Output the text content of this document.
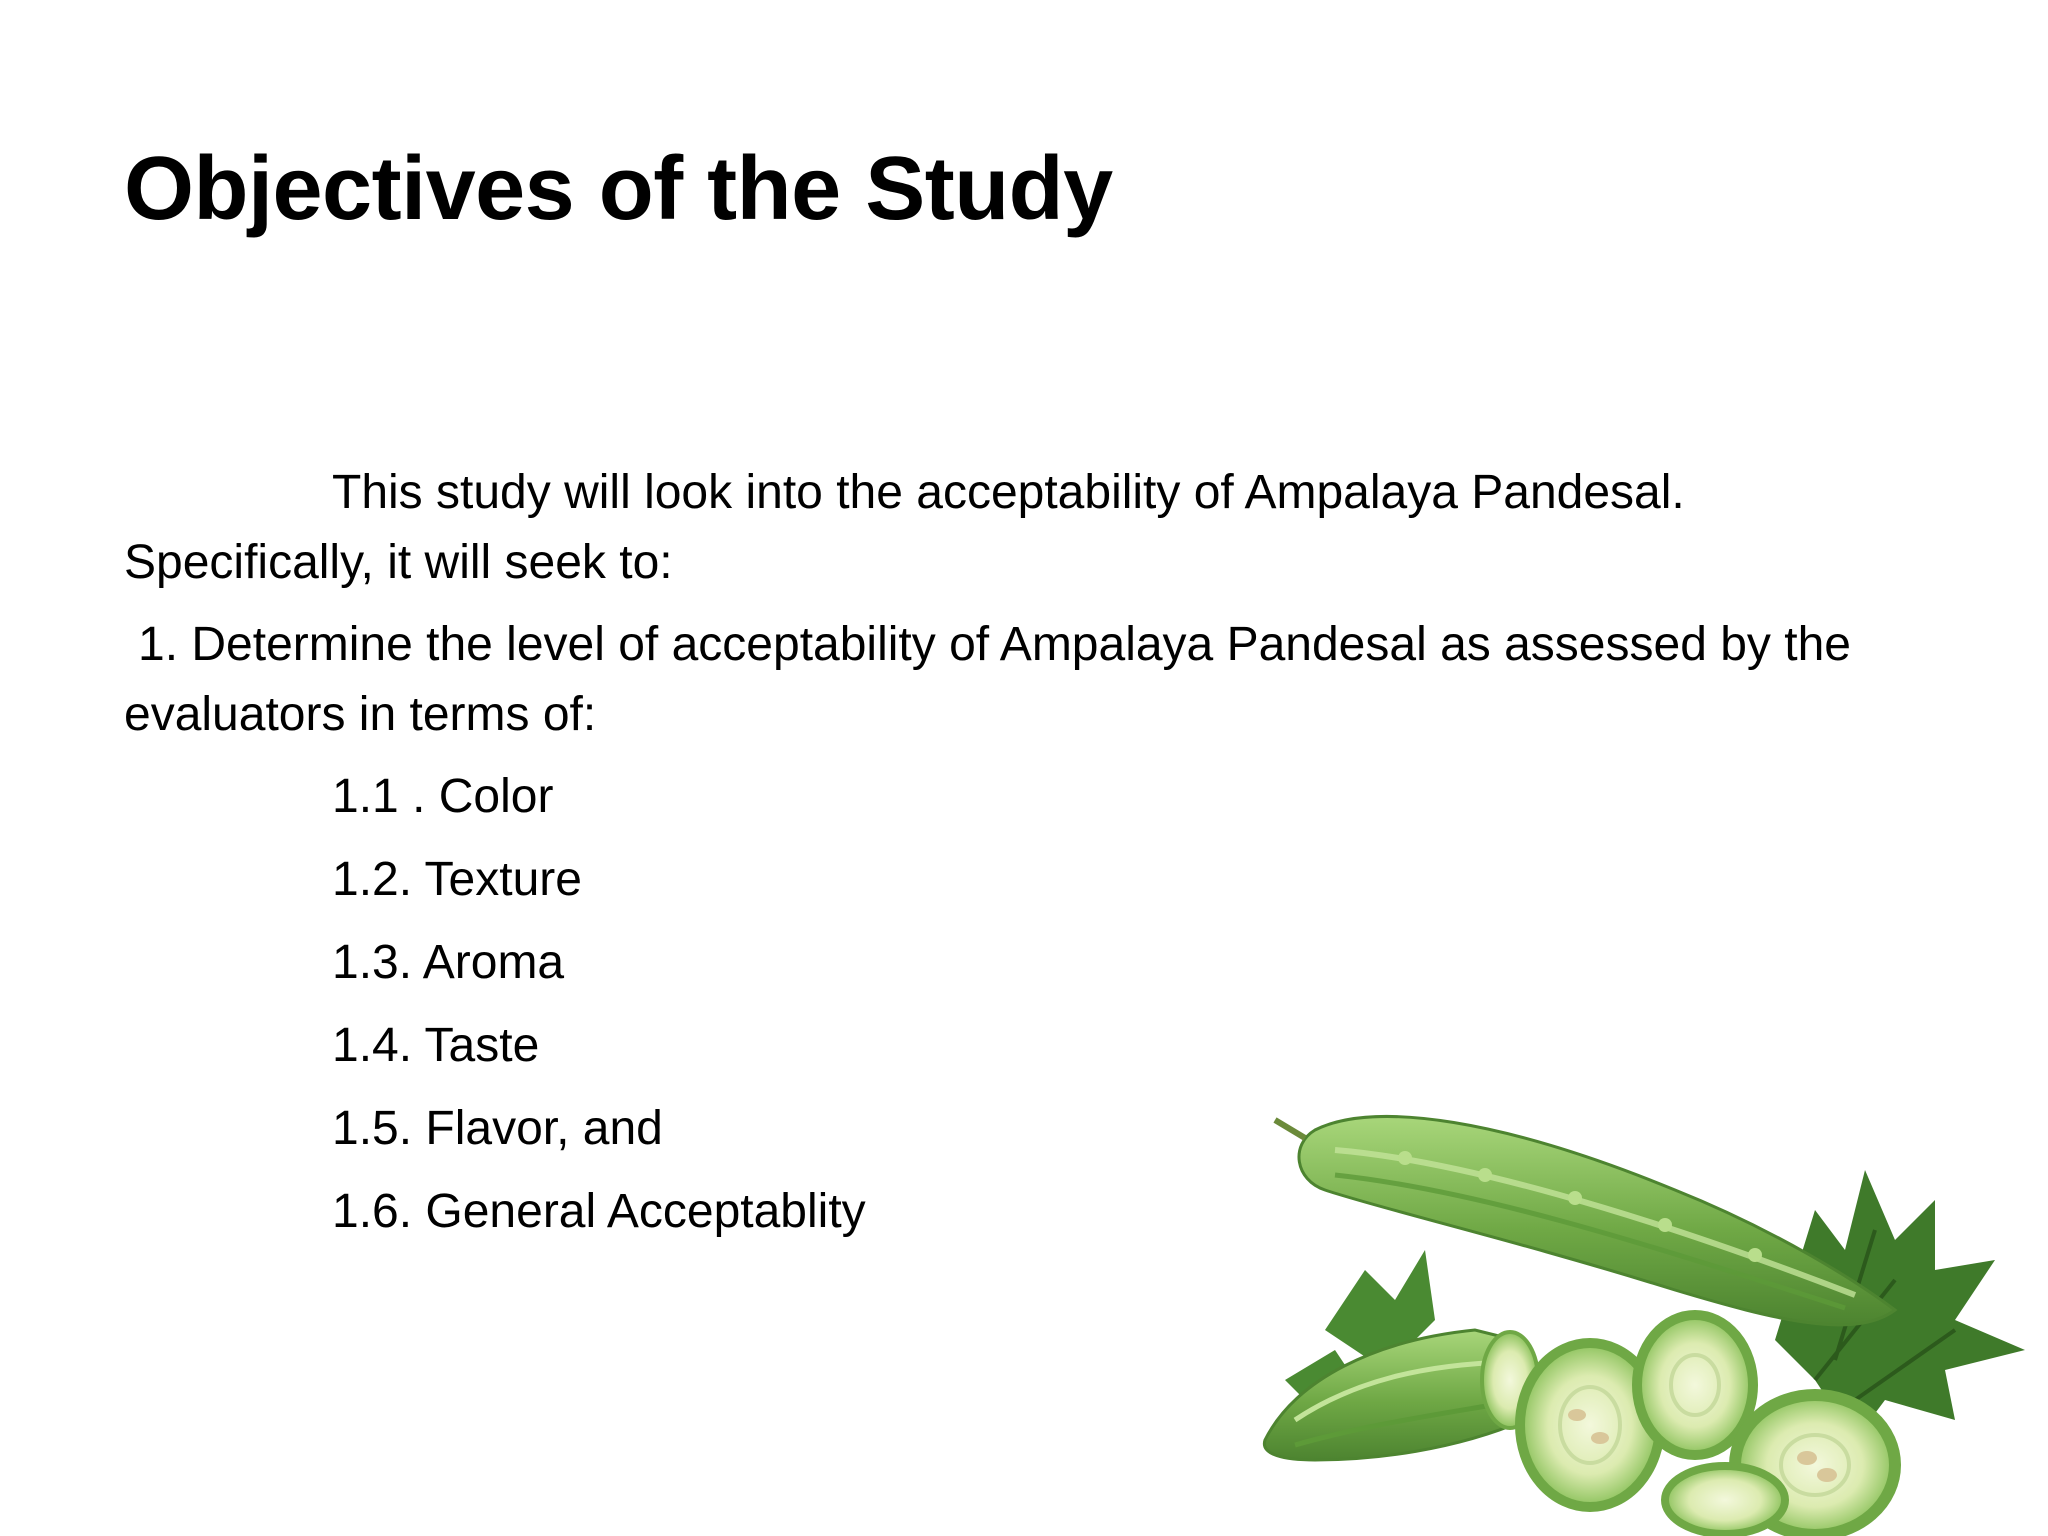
Objectives of the Study

This study will look into the acceptability of Ampalaya Pandesal.
Specifically, it will seek to:

1. Determine the level of acceptability of Ampalaya Pandesal as assessed by the evaluators in terms of:

1.1 . Color
1.2. Texture
1.3. Aroma
1.4. Taste
1.5. Flavor, and
1.6. General Acceptablity
